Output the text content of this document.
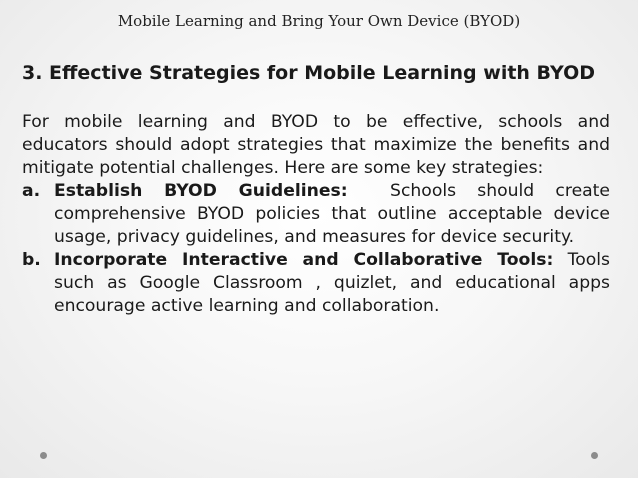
Mobile Learning and Bring Your Own Device (BYOD)
3. Effective Strategies for Mobile Learning with BYOD

For mobile learning and BYOD to be effective, schools and educators should adopt strategies that maximize the benefits and mitigate potential challenges. Here are some key strategies:

a. Establish BYOD Guidelines:  Schools should create comprehensive BYOD policies that outline acceptable device usage, privacy guidelines, and measures for device security.
b. Incorporate Interactive and Collaborative Tools: Tools such as Google Classroom , quizlet, and educational apps encourage active learning and collaboration.
